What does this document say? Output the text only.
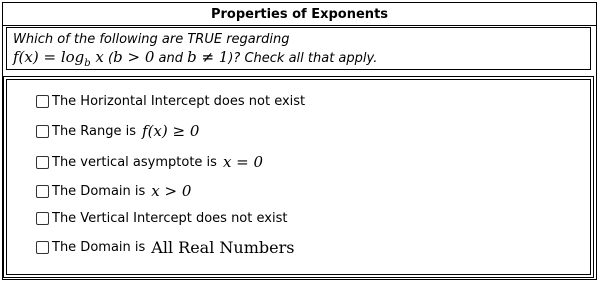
Properties of Exponents
Which of the following are TRUE regarding
$f(x) = \log_b x$ (b > 0 and b ≠ 1)? Check all that apply.
The Horizontal Intercept does not exist
The Range is f(x) ≥ 0
The vertical asymptote is x = 0
The Domain is x > 0
The Vertical Intercept does not exist
The Domain is All Real Numbers
